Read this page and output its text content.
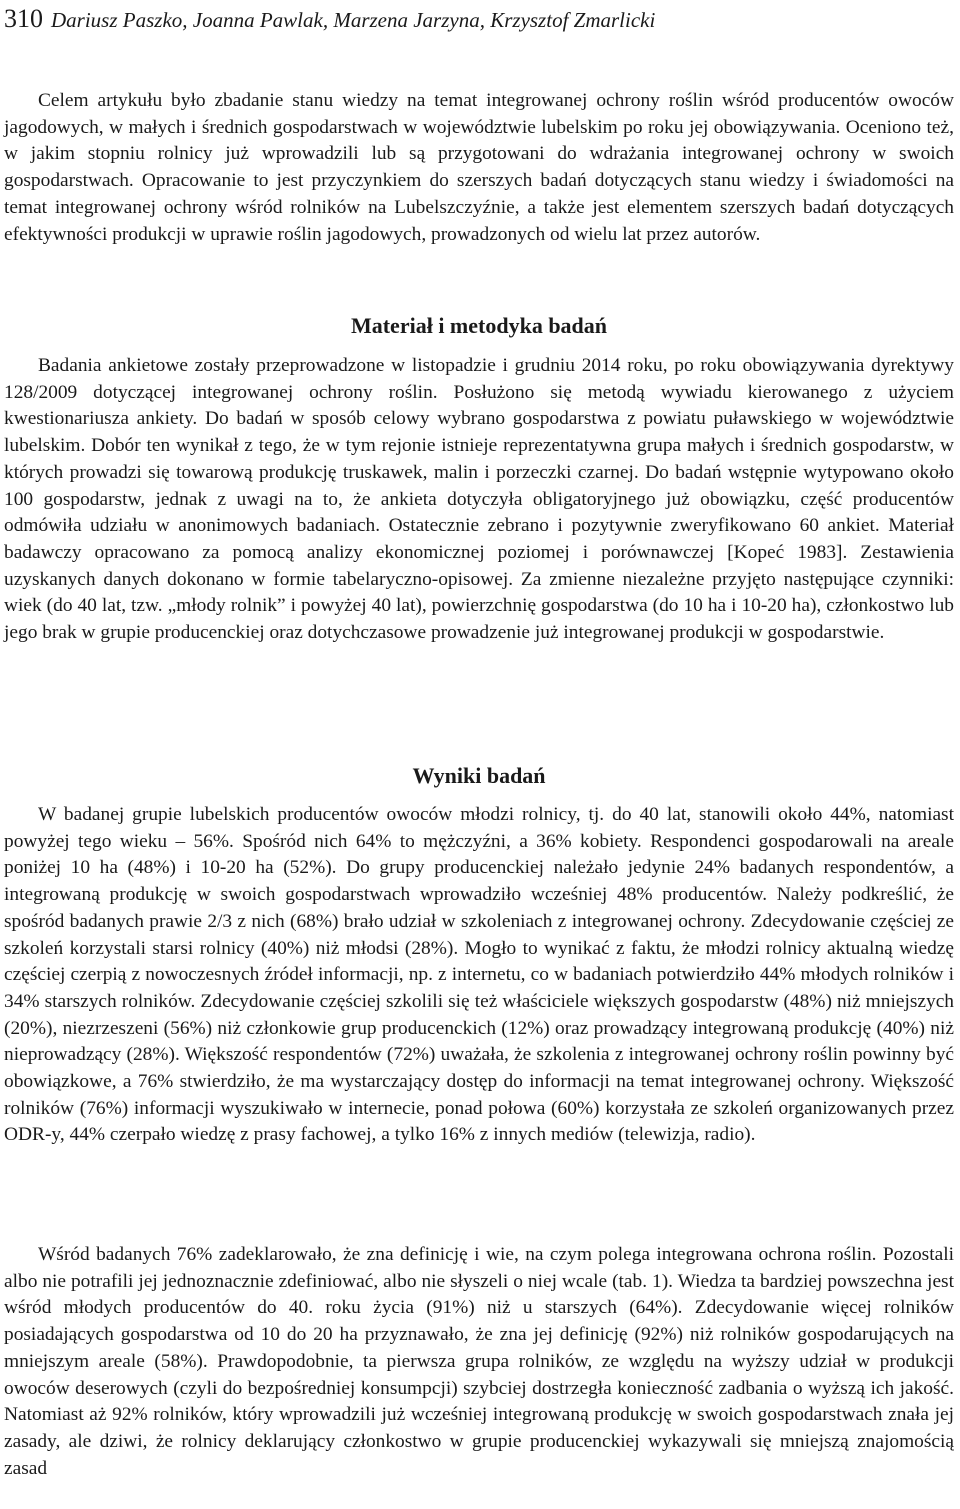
310 Dariusz Paszko, Joanna Pawlak, Marzena Jarzyna, Krzysztof Zmarlicki

Celem artykułu było zbadanie stanu wiedzy na temat integrowanej ochrony roślin wśród producentów owoców jagodowych, w małych i średnich gospodarstwach w województwie lubelskim po roku jej obowiązywania. Oceniono też, w jakim stopniu rolnicy już wprowadzili lub są przygotowani do wdrażania integrowanej ochrony w swoich gospodarstwach. Opracowanie to jest przyczynkiem do szerszych badań dotyczących stanu wiedzy i świadomości na temat integrowanej ochrony wśród rolników na Lubelszczyźnie, a także jest elementem szerszych badań dotyczących efektywności produkcji w uprawie roślin jagodowych, prowadzonych od wielu lat przez autorów.

Materiał i metodyka badań

Badania ankietowe zostały przeprowadzone w listopadzie i grudniu 2014 roku, po roku obowiązywania dyrektywy 128/2009 dotyczącej integrowanej ochrony roślin. Posłużono się metodą wywiadu kierowanego z użyciem kwestionariusza ankiety. Do badań w sposób celowy wybrano gospodarstwa z powiatu puławskiego w województwie lubelskim. Dobór ten wynikał z tego, że w tym rejonie istnieje reprezentatywna grupa małych i średnich gospodarstw, w których prowadzi się towarową produkcję truskawek, malin i porzeczki czarnej. Do badań wstępnie wytypowano około 100 gospodarstw, jednak z uwagi na to, że ankieta dotyczyła obligatoryjnego już obowiązku, część producentów odmówiła udziału w anonimowych badaniach. Ostatecznie zebrano i pozytywnie zweryfikowano 60 ankiet. Materiał badawczy opracowano za pomocą analizy ekonomicznej poziomej i porównawczej [Kopeć 1983]. Zestawienia uzyskanych danych dokonano w formie tabelaryczno-opisowej. Za zmienne niezależne przyjęto następujące czynniki: wiek (do 40 lat, tzw. „młody rolnik” i powyżej 40 lat), powierzchnię gospodarstwa (do 10 ha i 10-20 ha), członkostwo lub jego brak w grupie producenckiej oraz dotychczasowe prowadzenie już integrowanej produkcji w gospodarstwie.

Wyniki badań

W badanej grupie lubelskich producentów owoców młodzi rolnicy, tj. do 40 lat, stanowili około 44%, natomiast powyżej tego wieku – 56%. Spośród nich 64% to mężczyźni, a 36% kobiety. Respondenci gospodarowali na areale poniżej 10 ha (48%) i 10-20 ha (52%). Do grupy producenckiej należało jedynie 24% badanych respondentów, a integrowaną produkcję w swoich gospodarstwach wprowadziło wcześniej 48% producentów. Należy podkreślić, że spośród badanych prawie 2/3 z nich (68%) brało udział w szkoleniach z integrowanej ochrony. Zdecydowanie częściej ze szkoleń korzystali starsi rolnicy (40%) niż młodsi (28%). Mogło to wynikać z faktu, że młodzi rolnicy aktualną wiedzę częściej czerpią z nowoczesnych źródeł informacji, np. z internetu, co w badaniach potwierdziło 44% młodych rolników i 34% starszych rolników. Zdecydowanie częściej szkolili się też właściciele większych gospodarstw (48%) niż mniejszych (20%), niezrzeszeni (56%) niż członkowie grup producenckich (12%) oraz prowadzący integrowaną produkcję (40%) niż nieprowadzący (28%). Większość respondentów (72%) uważała, że szkolenia z integrowanej ochrony roślin powinny być obowiązkowe, a 76% stwierdziło, że ma wystarczający dostęp do informacji na temat integrowanej ochrony. Większość rolników (76%) informacji wyszukiwało w internecie, ponad połowa (60%) korzystała ze szkoleń organizowanych przez ODR-y, 44% czerpało wiedzę z prasy fachowej, a tylko 16% z innych mediów (telewizja, radio).

Wśród badanych 76% zadeklarowało, że zna definicję i wie, na czym polega integrowana ochrona roślin. Pozostali albo nie potrafili jej jednoznacznie zdefiniować, albo nie słyszeli o niej wcale (tab. 1). Wiedza ta bardziej powszechna jest wśród młodych producentów do 40. roku życia (91%) niż u starszych (64%). Zdecydowanie więcej rolników posiadających gospodarstwa od 10 do 20 ha przyznawało, że zna jej definicję (92%) niż rolników gospodarujących na mniejszym areale (58%). Prawdopodobnie, ta pierwsza grupa rolników, ze względu na wyższy udział w produkcji owoców deserowych (czyli do bezpośredniej konsumpcji) szybciej dostrzegła konieczność zadbania o wyższą ich jakość. Natomiast aż 92% rolników, który wprowadzili już wcześniej integrowaną produkcję w swoich gospodarstwach znała jej zasady, ale dziwi, że rolnicy deklarujący członkostwo w grupie producenckiej wykazywali się mniejszą znajomością zasad
